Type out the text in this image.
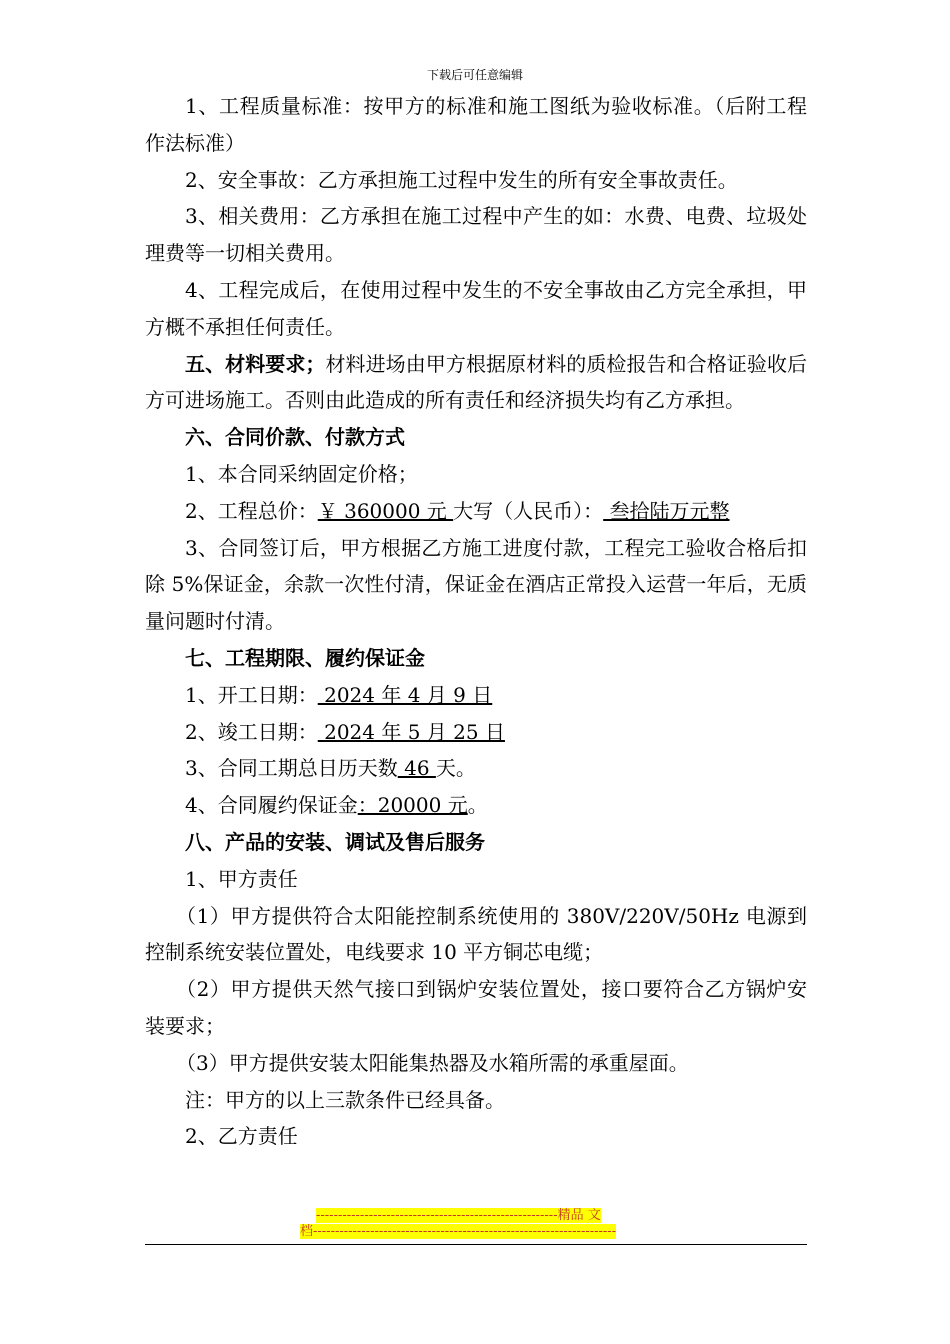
下载后可任意编辑

1、工程质量标准：按甲方的标准和施工图纸为验收标准。（后附工程作法标准）

2、安全事故：乙方承担施工过程中发生的所有安全事故责任。

3、相关费用：乙方承担在施工过程中产生的如：水费、电费、垃圾处理费等一切相关费用。

4、工程完成后，在使用过程中发生的不安全事故由乙方完全承担，甲方概不承担任何责任。

五、材料要求；材料进场由甲方根据原材料的质检报告和合格证验收后方可进场施工。否则由此造成的所有责任和经济损失均有乙方承担。

六、合同价款、付款方式

1、本合同采纳固定价格；

2、工程总价：￥ 360000 元 大写（人民币）： 叁拾陆万元整

3、合同签订后，甲方根据乙方施工进度付款，工程完工验收合格后扣除 5%保证金，余款一次性付清，保证金在酒店正常投入运营一年后，无质量问题时付清。

七、工程期限、履约保证金

1、开工日期： 2024 年 4 月 9 日

2、竣工日期： 2024 年 5 月 25 日

3、合同工期总日历天数 46 天。

4、合同履约保证金：20000 元。

八、产品的安装、调试及售后服务

1、甲方责任

（1）甲方提供符合太阳能控制系统使用的 380V/220V/50Hz 电源到控制系统安装位置处，电线要求 10 平方铜芯电缆；

（2）甲方提供天然气接口到锅炉安装位置处，接口要符合乙方锅炉安装要求；

（3）甲方提供安装太阳能集热器及水箱所需的承重屋面。

注：甲方的以上三款条件已经具备。

2、乙方责任

-------------------------------------------------------精品 文
档---------------------------------------------------------------------
